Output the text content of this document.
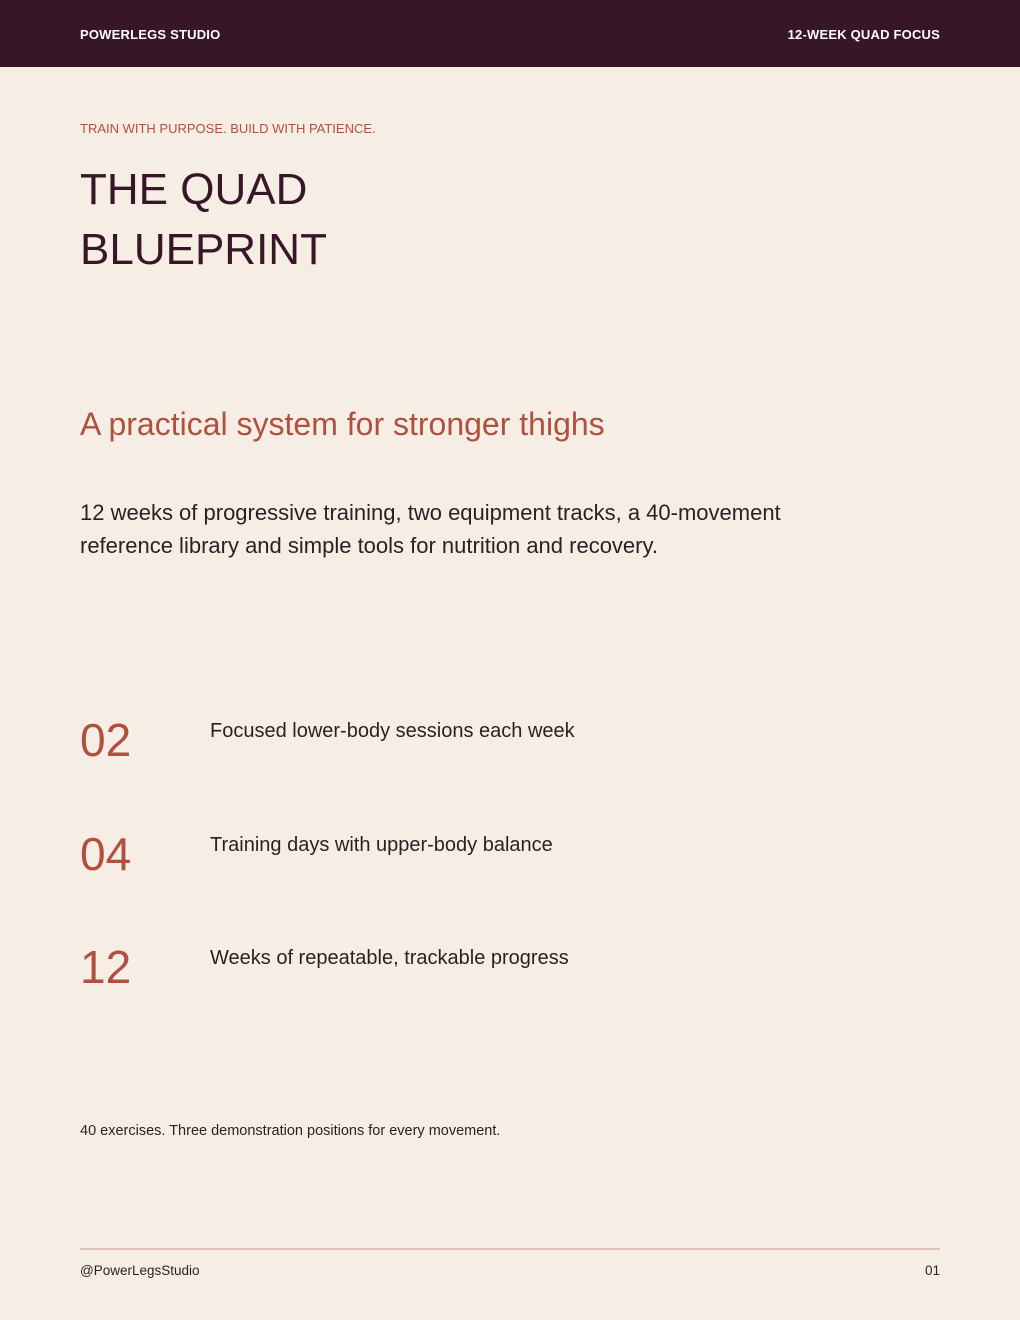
POWERLEGS STUDIO	12-WEEK QUAD FOCUS
TRAIN WITH PURPOSE. BUILD WITH PATIENCE.
THE QUAD
BLUEPRINT
A practical system for stronger thighs

12 weeks of progressive training, two equipment tracks, a 40-movement reference library and simple tools for nutrition and recovery.

02	Focused lower-body sessions each week
04	Training days with upper-body balance
12	Weeks of repeatable, trackable progress
40 exercises. Three demonstration positions for every movement.
@PowerLegsStudio	01
